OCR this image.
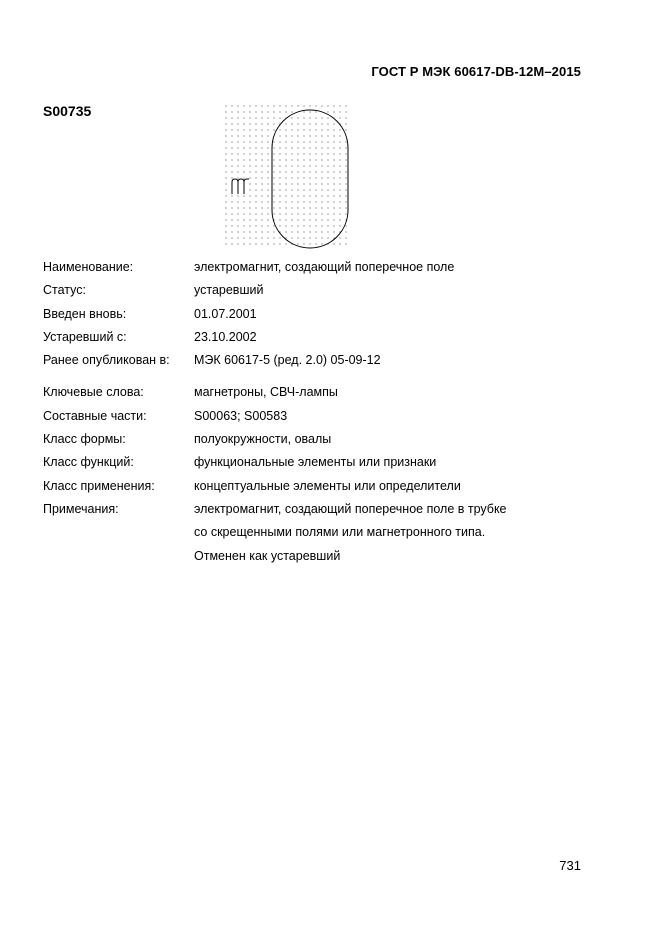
ГОСТ Р МЭК 60617-DB-12M–2015
S00735
Наименование:	электромагнит, создающий поперечное поле
Статус:	устаревший
Введен вновь:	01.07.2001
Устаревший с:	23.10.2002
Ранее опубликован в: МЭК 60617-5 (ред. 2.0) 05-09-12
Ключевые слова:	магнетроны, СВЧ-лампы
Составные части:	S00063; S00583
Класс формы:	полуокружности, овалы
Класс функций:	функциональные элементы или признаки
Класс применения:	концептуальные элементы или определители
Примечания:	электромагнит, создающий поперечное поле в трубке
со скрещенными полями или магнетронного типа.
Отменен как устаревший
731
